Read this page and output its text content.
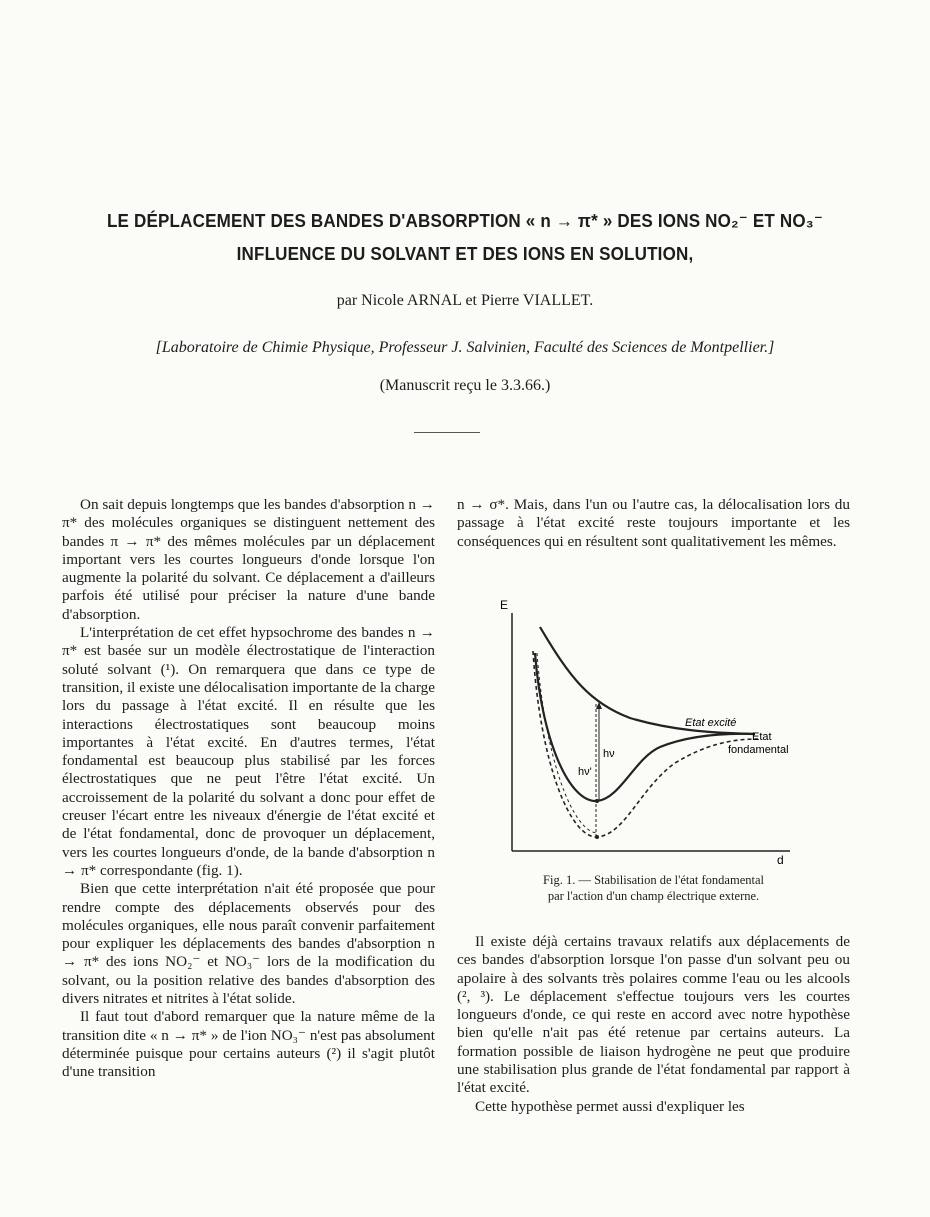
LE DÉPLACEMENT DES BANDES D'ABSORPTION « n → π* » DES IONS NO₂⁻ ET NO₃⁻
INFLUENCE DU SOLVANT ET DES IONS EN SOLUTION,
par Nicole ARNAL et Pierre VIALLET.
[Laboratoire de Chimie Physique, Professeur J. Salvinien, Faculté des Sciences de Montpellier.]
(Manuscrit reçu le 3.3.66.)

On sait depuis longtemps que les bandes d'absorption n → π* des molécules organiques se distinguent nettement des bandes π → π* des mêmes molécules par un déplacement important vers les courtes longueurs d'onde lorsque l'on augmente la polarité du solvant. Ce déplacement a d'ailleurs parfois été utilisé pour préciser la nature d'une bande d'absorption.

L'interprétation de cet effet hypsochrome des bandes n → π* est basée sur un modèle électrostatique de l'interaction soluté solvant (¹). On remarquera que dans ce type de transition, il existe une délocalisation importante de la charge lors du passage à l'état excité. Il en résulte que les interactions électrostatiques sont beaucoup moins importantes à l'état excité. En d'autres termes, l'état fondamental est beaucoup plus stabilisé par les forces électrostatiques que ne peut l'être l'état excité. Un accroissement de la polarité du solvant a donc pour effet de creuser l'écart entre les niveaux d'énergie de l'état excité et de l'état fondamental, donc de provoquer un déplacement, vers les courtes longueurs d'onde, de la bande d'absorption n → π* correspondante (fig. 1).

Bien que cette interprétation n'ait été proposée que pour rendre compte des déplacements observés pour des molécules organiques, elle nous paraît convenir parfaitement pour expliquer les déplacements des bandes d'absorption n → π* des ions NO₂⁻ et NO₃⁻ lors de la modification du solvant, ou la position relative des bandes d'absorption des divers nitrates et nitrites à l'état solide.

Il faut tout d'abord remarquer que la nature même de la transition dite « n → π* » de l'ion NO₃⁻ n'est pas absolument déterminée puisque pour certains auteurs (²) il s'agit plutôt d'une transition

n → σ*. Mais, dans l'un ou l'autre cas, la délocalisation lors du passage à l'état excité reste toujours importante et les conséquences qui en résultent sont qualitativement les mêmes.

E
d
hν
hν'
Etat excité
Etat fondamental
Fig. 1. — Stabilisation de l'état fondamental
par l'action d'un champ électrique externe.

Il existe déjà certains travaux relatifs aux déplacements de ces bandes d'absorption lorsque l'on passe d'un solvant peu ou apolaire à des solvants très polaires comme l'eau ou les alcools (², ³). Le déplacement s'effectue toujours vers les courtes longueurs d'onde, ce qui reste en accord avec notre hypothèse bien qu'elle n'ait pas été retenue par certains auteurs. La formation possible de liaison hydrogène ne peut que produire une stabilisation plus grande de l'état fondamental par rapport à l'état excité.

Cette hypothèse permet aussi d'expliquer les
